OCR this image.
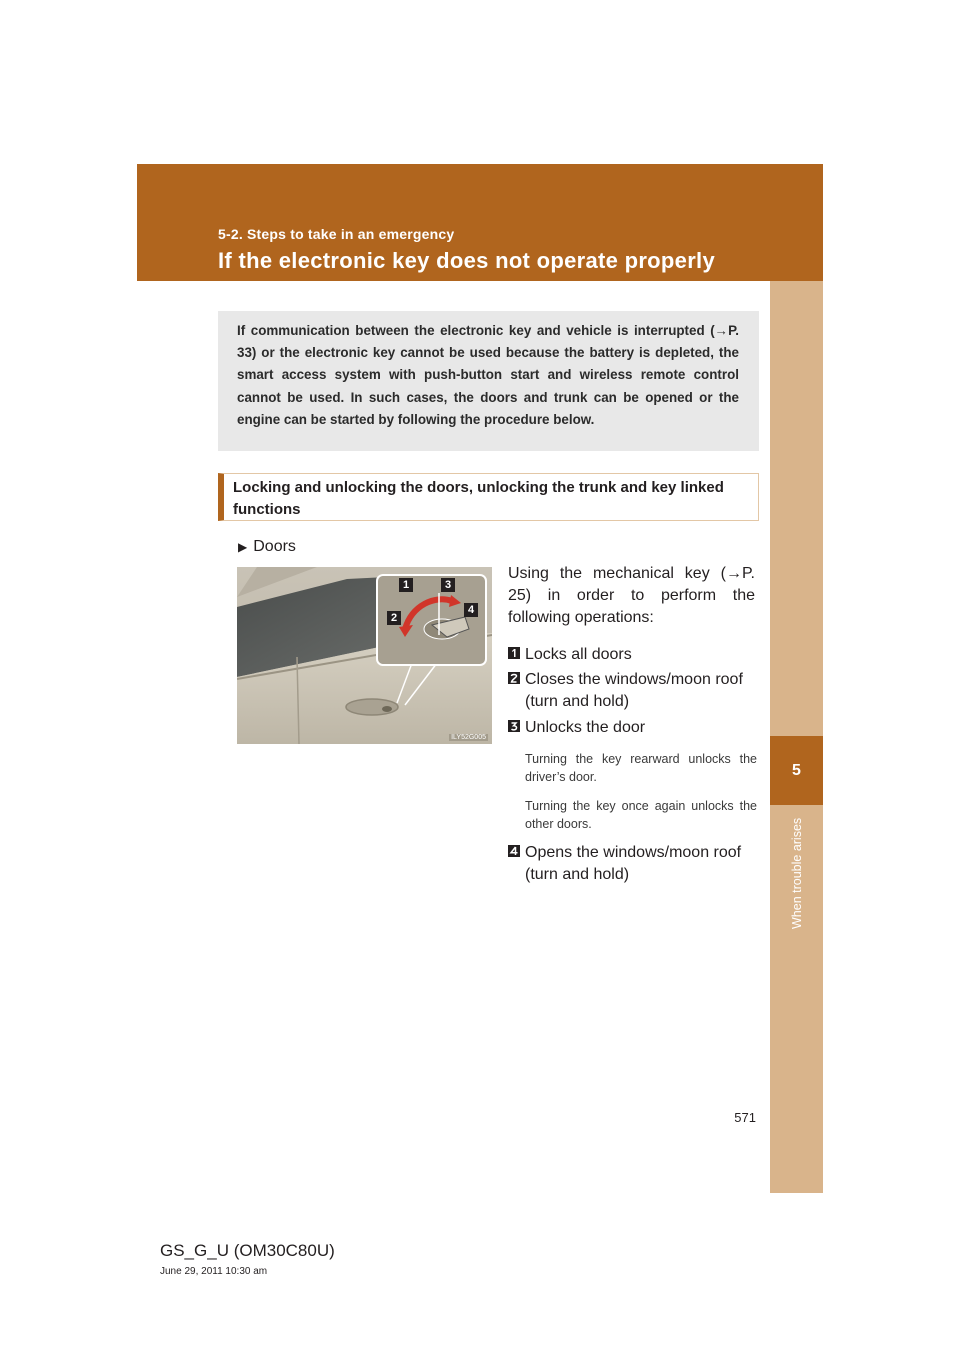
5-2. Steps to take in an emergency
If the electronic key does not operate properly
5
When trouble arises
If communication between the electronic key and vehicle is interrupted (→P. 33) or the electronic key cannot be used because the battery is depleted, the smart access system with push-button start and wireless remote control cannot be used. In such cases, the doors and trunk can be opened or the engine can be started by following the procedure below.
Locking and unlocking the doors, unlocking the trunk and key linked functions
▶ Doors
1
2
3
4
ILY52G005
Using the mechanical key (→P. 25) in order to perform the following operations:
Locks all doors
Closes the windows/moon roof (turn and hold)
Unlocks the door
Turning the key rearward unlocks the driver’s door.
Turning the key once again unlocks the other doors.
Opens the windows/moon roof (turn and hold)
571
GS_G_U (OM30C80U)
June 29, 2011 10:30 am
